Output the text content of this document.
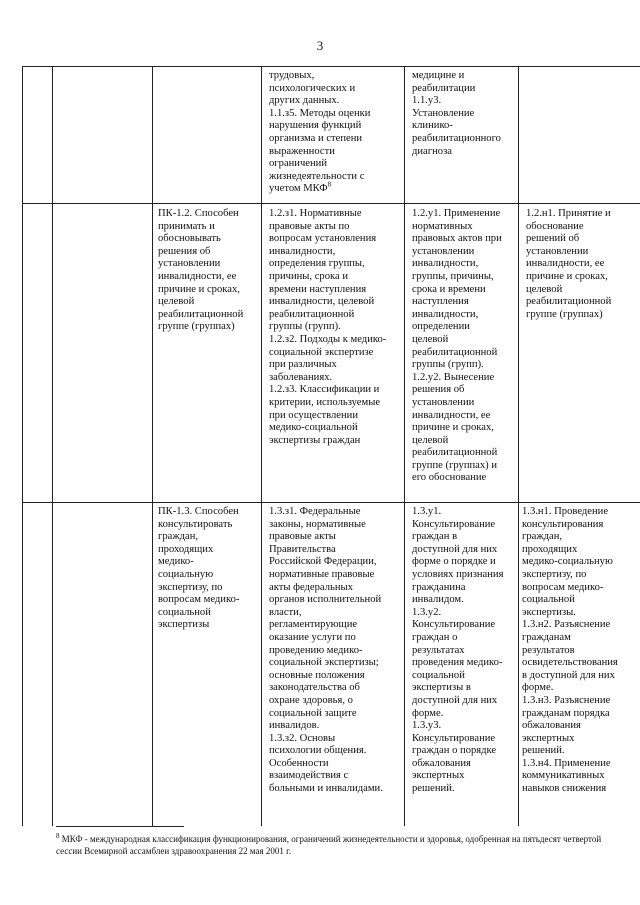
3
трудовых,
психологических и
других данных.
1.1.з5. Методы оценки
нарушения функций
организма и степени
выраженности
ограничений
жизнедеятельности с
учетом МКФ$^8$
медицине и
реабилитации
1.1.у3.
Установление
клинико-
реабилитационного
диагноза
ПК-1.2. Способен
принимать и
обосновывать
решения об
установлении
инвалидности, ее
причине и сроках,
целевой
реабилитационной
группе (группах)
1.2.з1. Нормативные
правовые акты по
вопросам установления
инвалидности,
определения группы,
причины, срока и
времени наступления
инвалидности, целевой
реабилитационной
группы (групп).
1.2.з2. Подходы к медико-
социальной экспертизе
при различных
заболеваниях.
1.2.з3. Классификации и
критерии, используемые
при осуществлении
медико-социальной
экспертизы граждан
1.2.у1. Применение
нормативных
правовых актов при
установлении
инвалидности,
группы, причины,
срока и времени
наступления
инвалидности,
определении
целевой
реабилитационной
группы (групп).
1.2.у2. Вынесение
решения об
установлении
инвалидности, ее
причине и сроках,
целевой
реабилитационной
группе (группах) и
его обоснование
1.2.н1. Принятие и
обоснование
решений об
установлении
инвалидности, ее
причине и сроках,
целевой
реабилитационной
группе (группах)
ПК-1.3. Способен
консультировать
граждан,
проходящих
медико-
социальную
экспертизу, по
вопросам медико-
социальной
экспертизы
1.3.з1. Федеральные
законы, нормативные
правовые акты
Правительства
Российской Федерации,
нормативные правовые
акты федеральных
органов исполнительной
власти,
регламентирующие
оказание услуги по
проведению медико-
социальной экспертизы;
основные положения
законодательства об
охране здоровья, о
социальной защите
инвалидов.
1.3.з2. Основы
психологии общения.
Особенности
взаимодействия с
больными и инвалидами.
1.3.у1.
Консультирование
граждан в
доступной для них
форме о порядке и
условиях признания
гражданина
инвалидом.
1.3.у2.
Консультирование
граждан о
результатах
проведения медико-
социальной
экспертизы в
доступной для них
форме.
1.3.у3.
Консультирование
граждан о порядке
обжалования
экспертных
решений.
1.3.н1. Проведение
консультирования
граждан,
проходящих
медико-социальную
экспертизу, по
вопросам медико-
социальной
экспертизы.
1.3.н2. Разъяснение
гражданам
результатов
освидетельствования
в доступной для них
форме.
1.3.н3. Разъяснение
гражданам порядка
обжалования
экспертных
решений.
1.3.н4. Применение
коммуникативных
навыков снижения
$^8$ МКФ - международная классификация функционирования, ограничений жизнедеятельности и здоровья, одобренная на пятьдесят четвертой сессии Всемирной ассамблеи здравоохранения 22 мая 2001 г.
